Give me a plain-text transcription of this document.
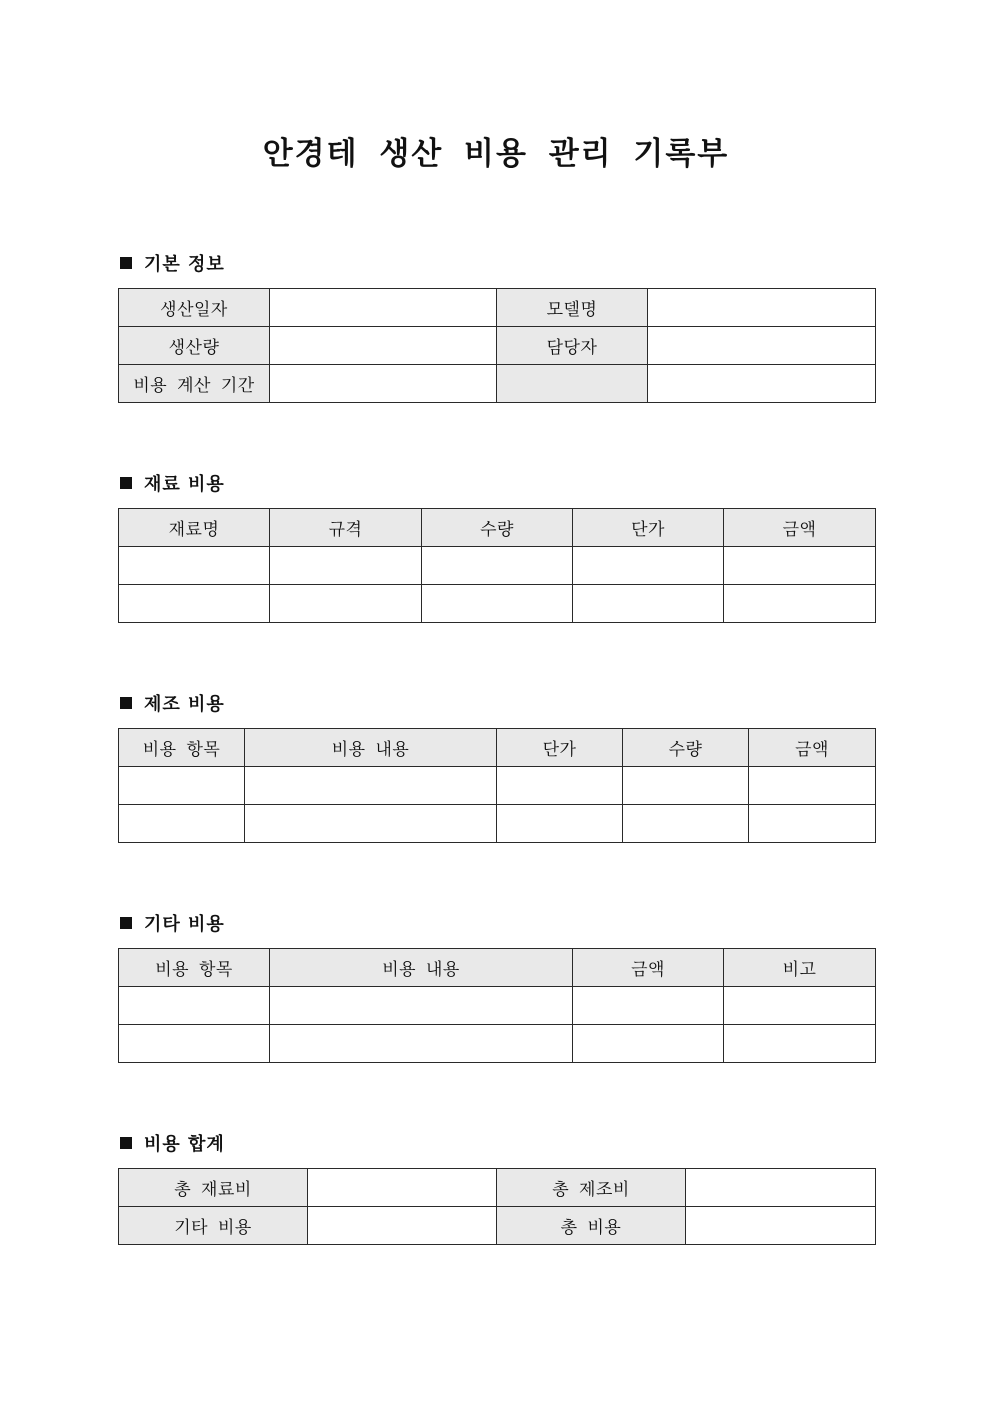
안경테 생산 비용 관리 기록부
기본 정보
생산일자		모델명	
생산량		담당자	
비용 계산 기간			
재료 비용
재료명	규격	수량	단가	금액

제조 비용
비용 항목	비용 내용	단가	수량	금액

기타 비용
비용 항목	비용 내용	금액	비고

비용 합계
총 재료비		총 제조비	
기타 비용		총 비용	
